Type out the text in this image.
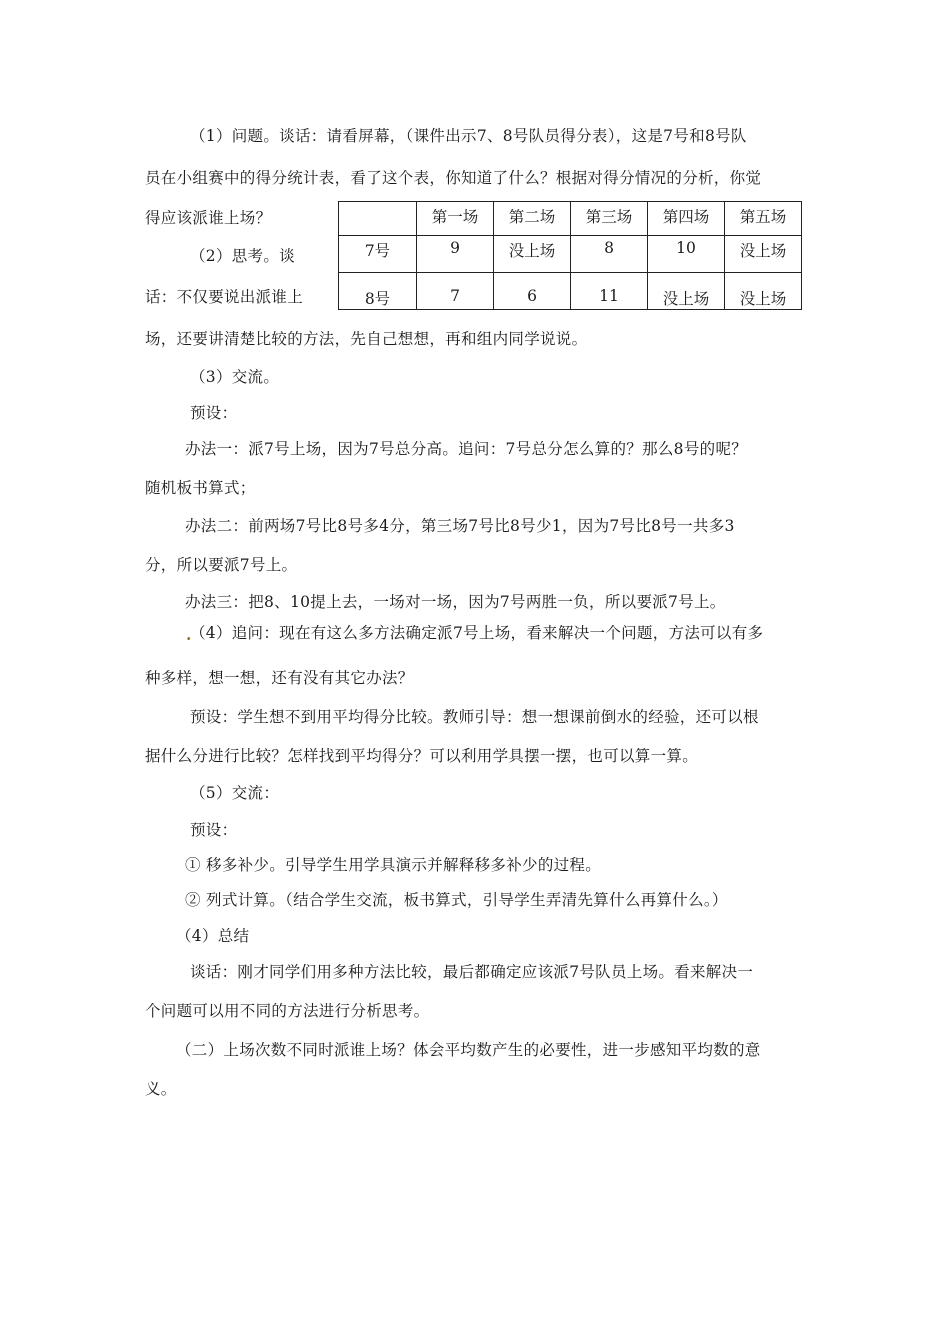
（1）问题。谈话：请看屏幕，（课件出示7、8号队员得分表），这是7号和8号队
员在小组赛中的得分统计表，看了这个表，你知道了什么？根据对得分情况的分析，你觉
得应该派谁上场？
（2）思考。谈
话：不仅要说出派谁上
	第一场	第二场	第三场	第四场	第五场
7号	9	没上场	8	10	没上场
8号	7	6	11	没上场	没上场
场，还要讲清楚比较的方法，先自己想想，再和组内同学说说。
（3）交流。
预设：
办法一：派7号上场，因为7号总分高。追问：7号总分怎么算的？那么8号的呢？
随机板书算式；
办法二：前两场7号比8号多4分，第三场7号比8号少1，因为7号比8号一共多3
分，所以要派7号上。
办法三：把8、10提上去，一场对一场，因为7号两胜一负，所以要派7号上。
.
（4）追问：现在有这么多方法确定派7号上场，看来解决一个问题，方法可以有多
种多样，想一想，还有没有其它办法？
预设：学生想不到用平均得分比较。教师引导：想一想课前倒水的经验，还可以根
据什么分进行比较？怎样找到平均得分？可以利用学具摆一摆，也可以算一算。
（5）交流：
预设：
① 移多补少。引导学生用学具演示并解释移多补少的过程。
② 列式计算。（结合学生交流，板书算式，引导学生弄清先算什么再算什么。）
（4）总结
谈话：刚才同学们用多种方法比较，最后都确定应该派7号队员上场。看来解决一
个问题可以用不同的方法进行分析思考。
（二）上场次数不同时派谁上场？体会平均数产生的必要性，进一步感知平均数的意
义。
